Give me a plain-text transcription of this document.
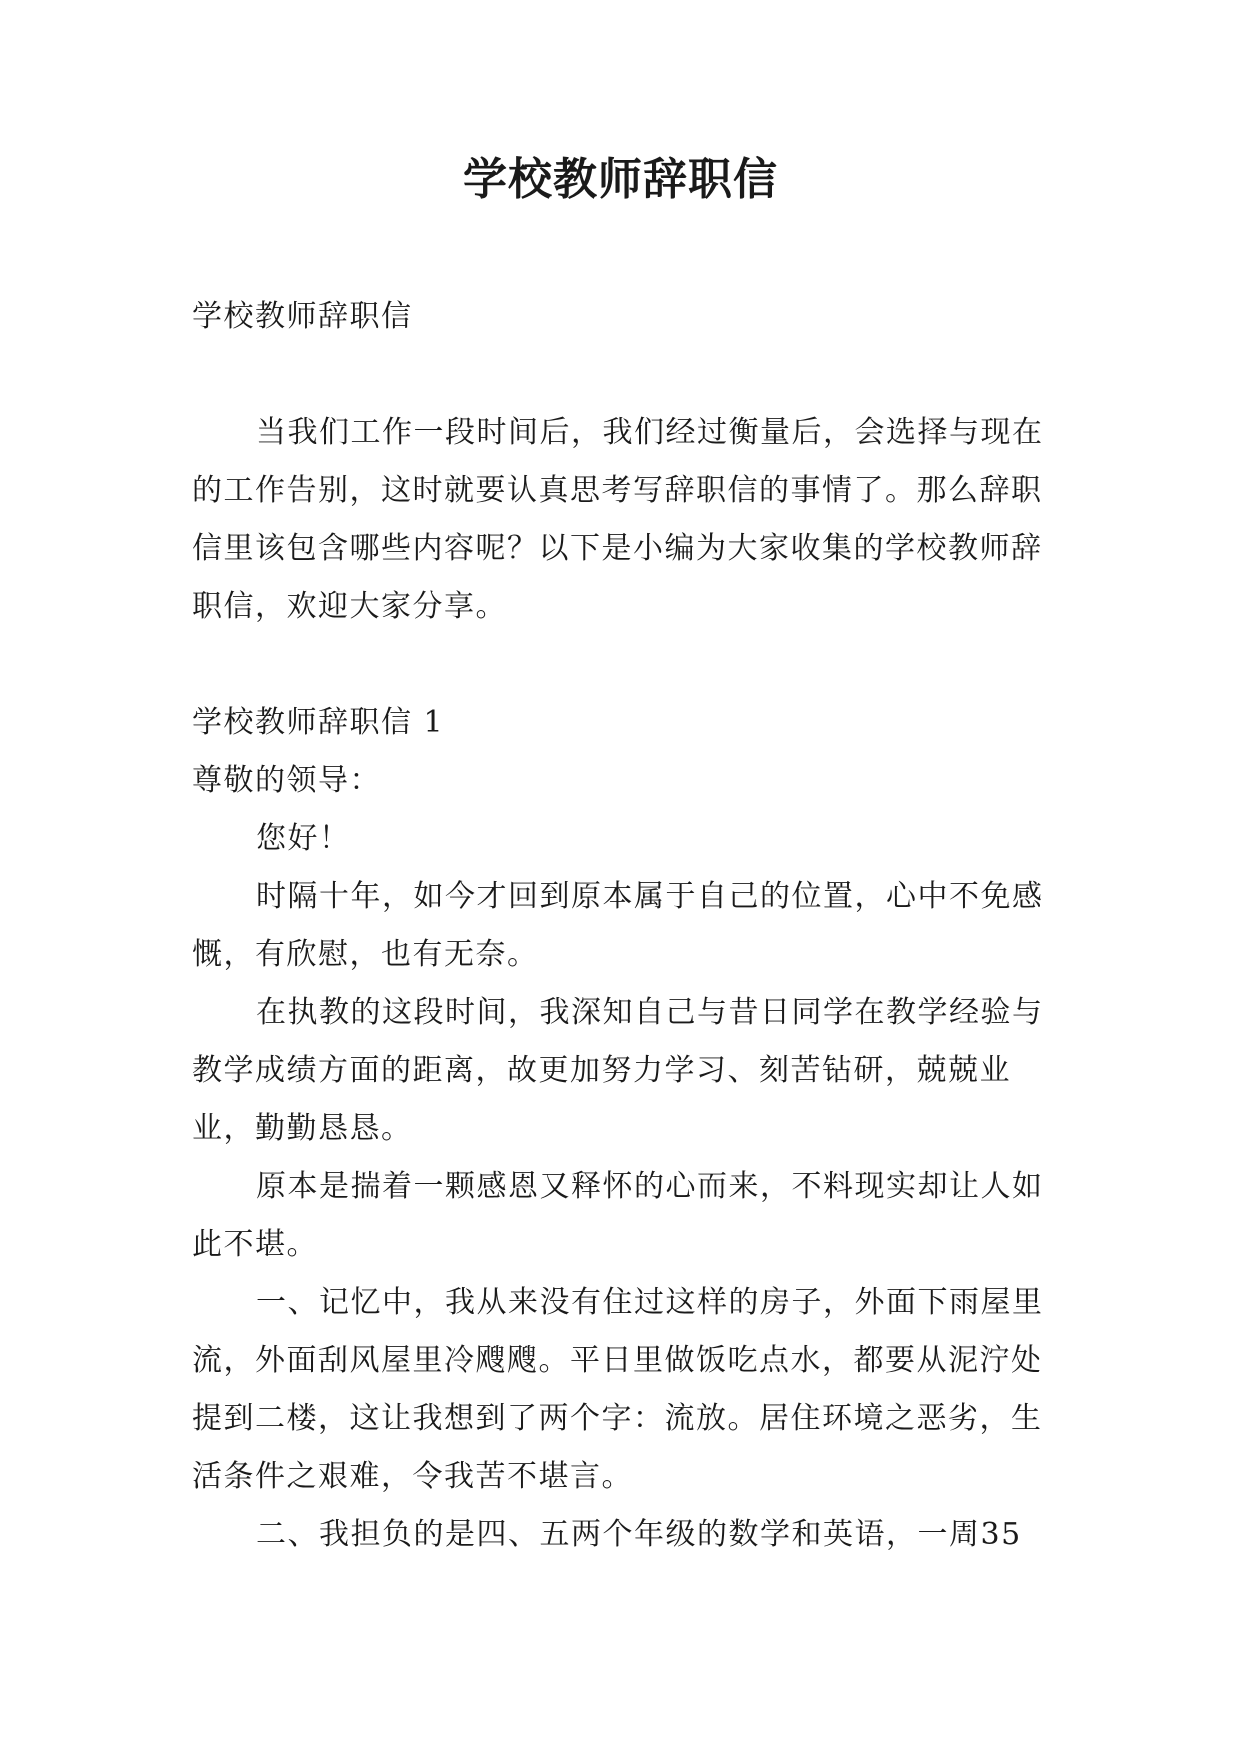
学校教师辞职信

学校教师辞职信

当我们工作一段时间后，我们经过衡量后，会选择与现在的工作告别，这时就要认真思考写辞职信的事情了。那么辞职信里该包含哪些内容呢？以下是小编为大家收集的学校教师辞职信，欢迎大家分享。

学校教师辞职信 1

尊敬的领导：

您好！

时隔十年，如今才回到原本属于自己的位置，心中不免感慨，有欣慰，也有无奈。

在执教的这段时间，我深知自己与昔日同学在教学经验与教学成绩方面的距离，故更加努力学习、刻苦钻研，兢兢业业，勤勤恳恳。

原本是揣着一颗感恩又释怀的心而来，不料现实却让人如此不堪。

一、记忆中，我从来没有住过这样的房子，外面下雨屋里流，外面刮风屋里冷飕飕。平日里做饭吃点水，都要从泥泞处提到二楼，这让我想到了两个字：流放。居住环境之恶劣，生活条件之艰难，令我苦不堪言。

二、我担负的是四、五两个年级的数学和英语，一周35
